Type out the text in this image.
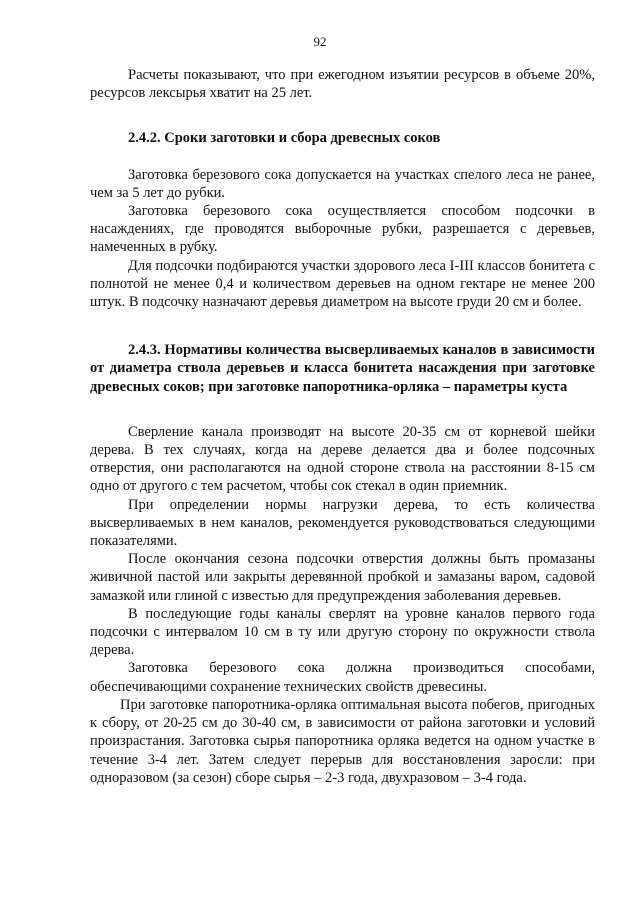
92

Расчеты показывают, что при ежегодном изъятии ресурсов в объеме 20%, ресурсов лексырья хватит на 25 лет.

2.4.2. Сроки заготовки и сбора древесных соков

Заготовка березового сока допускается на участках спелого леса не ранее, чем за 5 лет до рубки.

Заготовка березового сока осуществляется способом подсочки в насаждениях, где проводятся выборочные рубки, разрешается с деревьев, намеченных в рубку.

Для подсочки подбираются участки здорового леса I-III классов бонитета с полнотой не менее 0,4 и количеством деревьев на одном гектаре не менее 200 штук. В подсочку назначают деревья диаметром на высоте груди 20 см и более.

2.4.3. Нормативы количества высверливаемых каналов в зависимости от диаметра ствола деревьев и класса бонитета насаждения при заготовке древесных соков; при заготовке папоротника-орляка – параметры куста

Сверление канала производят на высоте 20-35 см от корневой шейки дерева. В тех случаях, когда на дереве делается два и более подсочных отверстия, они располагаются на одной стороне ствола на расстоянии 8-15 см одно от другого с тем расчетом, чтобы сок стекал в один приемник.

При определении нормы нагрузки дерева, то есть количества высверливаемых в нем каналов, рекомендуется руководствоваться следующими показателями.

После окончания сезона подсочки отверстия должны быть промазаны живичной пастой или закрыты деревянной пробкой и замазаны варом, садовой замазкой или глиной с известью для предупреждения заболевания деревьев.

В последующие годы каналы сверлят на уровне каналов первого года подсочки с интервалом 10 см в ту или другую сторону по окружности ствола дерева.

Заготовка березового сока должна производиться способами, обеспечивающими сохранение технических свойств древесины.

При заготовке папоротника-орляка оптимальная высота побегов, пригодных к сбору, от 20-25 см до 30-40 см, в зависимости от района заготовки и условий произрастания. Заготовка сырья папоротника орляка ведется на одном участке в течение 3-4 лет. Затем следует перерыв для восстановления заросли: при одноразовом (за сезон) сборе сырья – 2-3 года, двухразовом – 3-4 года.
